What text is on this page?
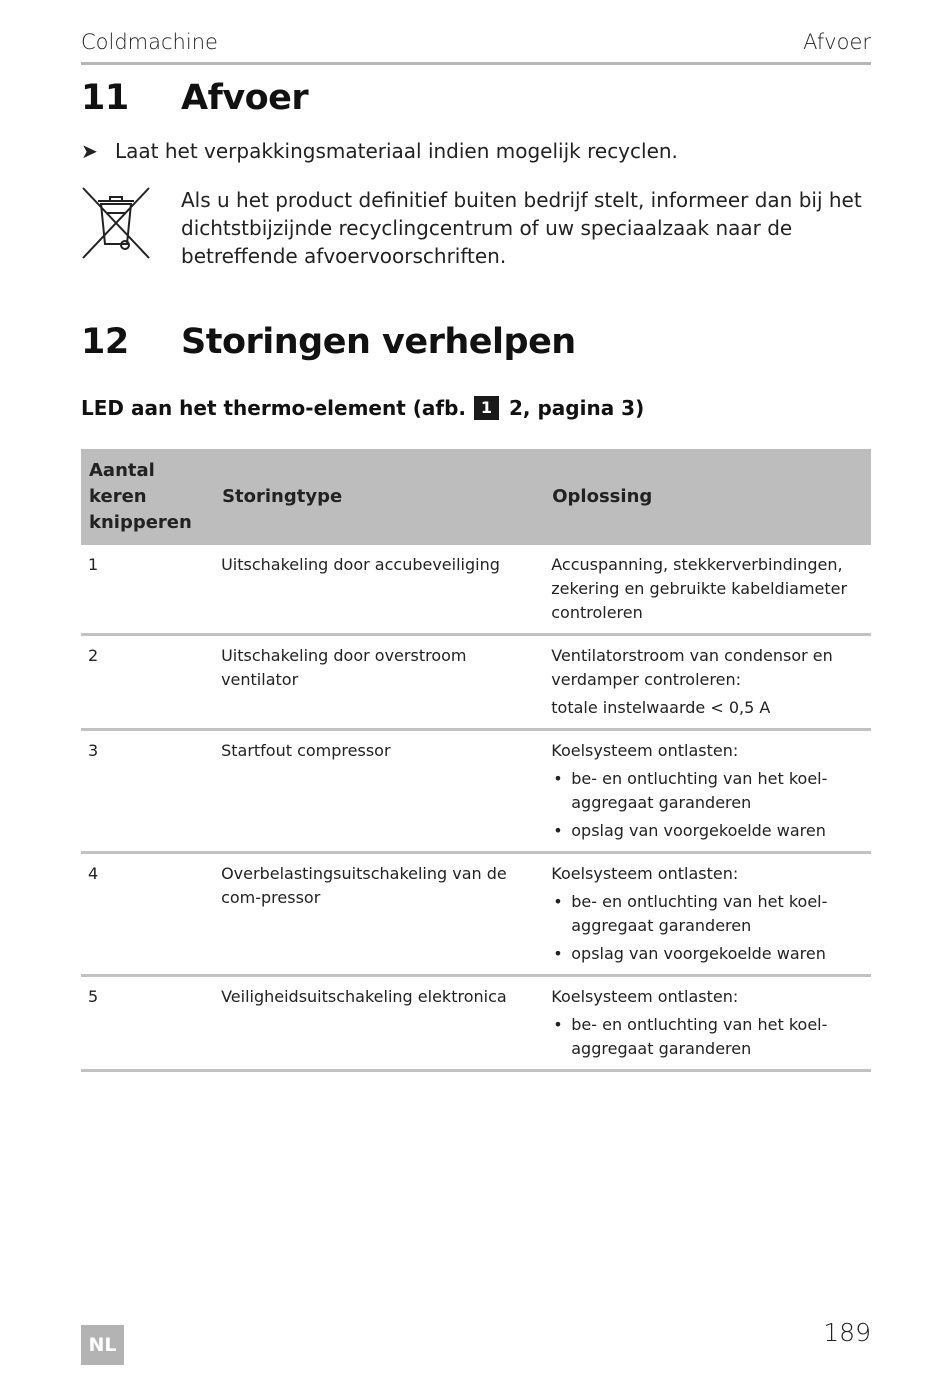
Coldmachine	Afvoer
11 Afvoer
➤ Laat het verpakkingsmateriaal indien mogelijk recyclen.
Als u het product definitief buiten bedrijf stelt, informeer dan bij het dichtstbijzijnde recyclingcentrum of uw speciaalzaak naar de betreffende afvoervoorschriften.
12 Storingen verhelpen
LED aan het thermo-element (afb. 1 2, pagina 3)
Aantal keren knipperen	Storingtype	Oplossing
1	Uitschakeling door accubeveiliging	Accuspanning, stekkerverbindingen, zekering en gebruikte kabeldiameter controleren

2	Uitschakeling door overstroom ventilator	Ventilatorstroom van condensor en verdamper controleren:
totale instelwaarde < 0,5 A

3	Startfout compressor	Koelsysteem ontlasten:
• be- en ontluchting van het koel-aggregaat garanderen
• opslag van voorgekoelde waren

4	Overbelastingsuitschakeling van de com-pressor	Koelsysteem ontlasten:
• be- en ontluchting van het koel-aggregaat garanderen
• opslag van voorgekoelde waren

5	Veiligheidsuitschakeling elektronica	Koelsysteem ontlasten:
• be- en ontluchting van het koel-aggregaat garanderen
NL	189
